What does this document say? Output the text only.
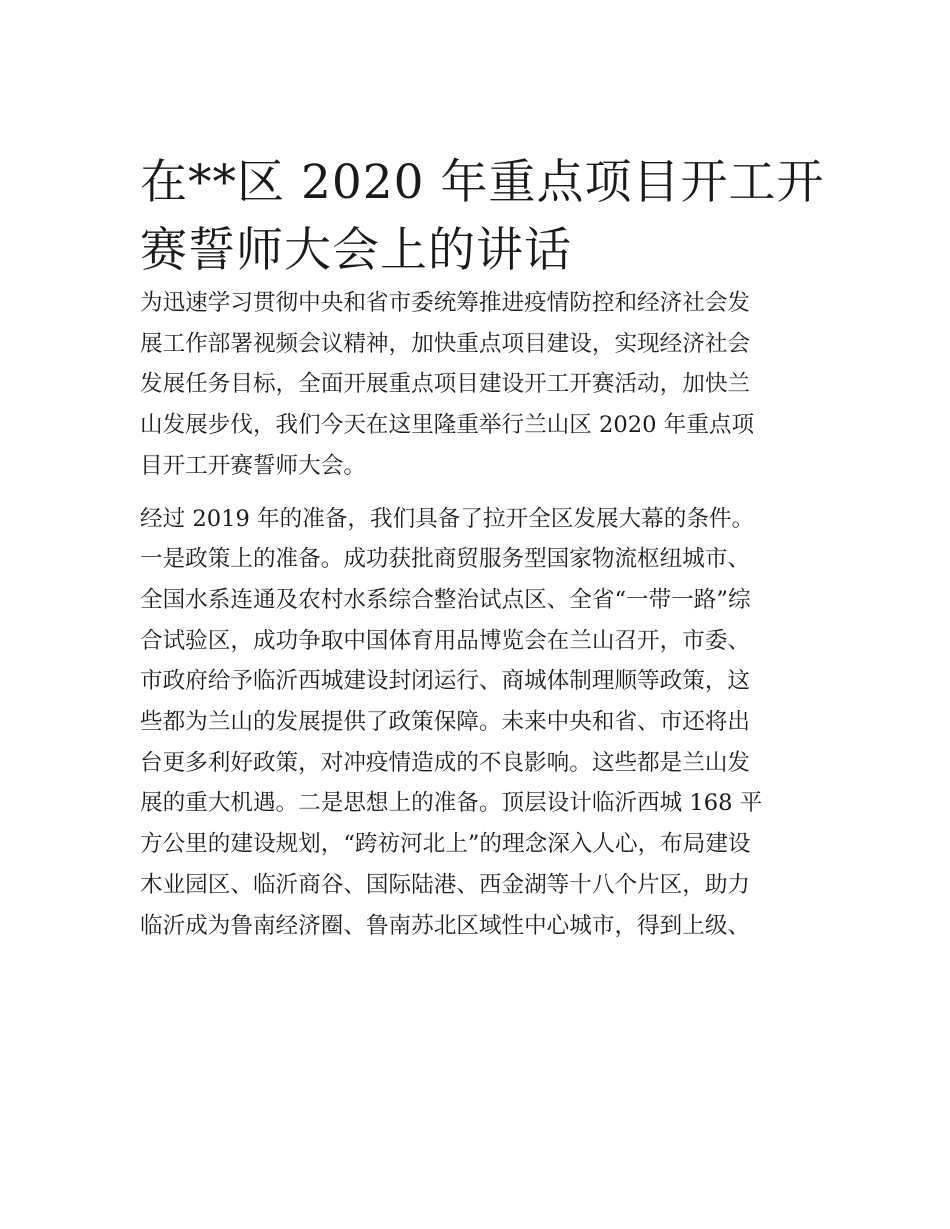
在**区 2020 年重点项目开工开
赛誓师大会上的讲话
为迅速学习贯彻中央和省市委统筹推进疫情防控和经济社会发
展工作部署视频会议精神，加快重点项目建设，实现经济社会
发展任务目标，全面开展重点项目建设开工开赛活动，加快兰
山发展步伐，我们今天在这里隆重举行兰山区 2020 年重点项
目开工开赛誓师大会。
经过 2019 年的准备，我们具备了拉开全区发展大幕的条件。
一是政策上的准备。成功获批商贸服务型国家物流枢纽城市、
全国水系连通及农村水系综合整治试点区、全省“一带一路”综
合试验区，成功争取中国体育用品博览会在兰山召开，市委、
市政府给予临沂西城建设封闭运行、商城体制理顺等政策，这
些都为兰山的发展提供了政策保障。未来中央和省、市还将出
台更多利好政策，对冲疫情造成的不良影响。这些都是兰山发
展的重大机遇。二是思想上的准备。顶层设计临沂西城 168 平
方公里的建设规划，“跨祊河北上”的理念深入人心，布局建设
木业园区、临沂商谷、国际陆港、西金湖等十八个片区，助力
临沂成为鲁南经济圈、鲁南苏北区域性中心城市，得到上级、
